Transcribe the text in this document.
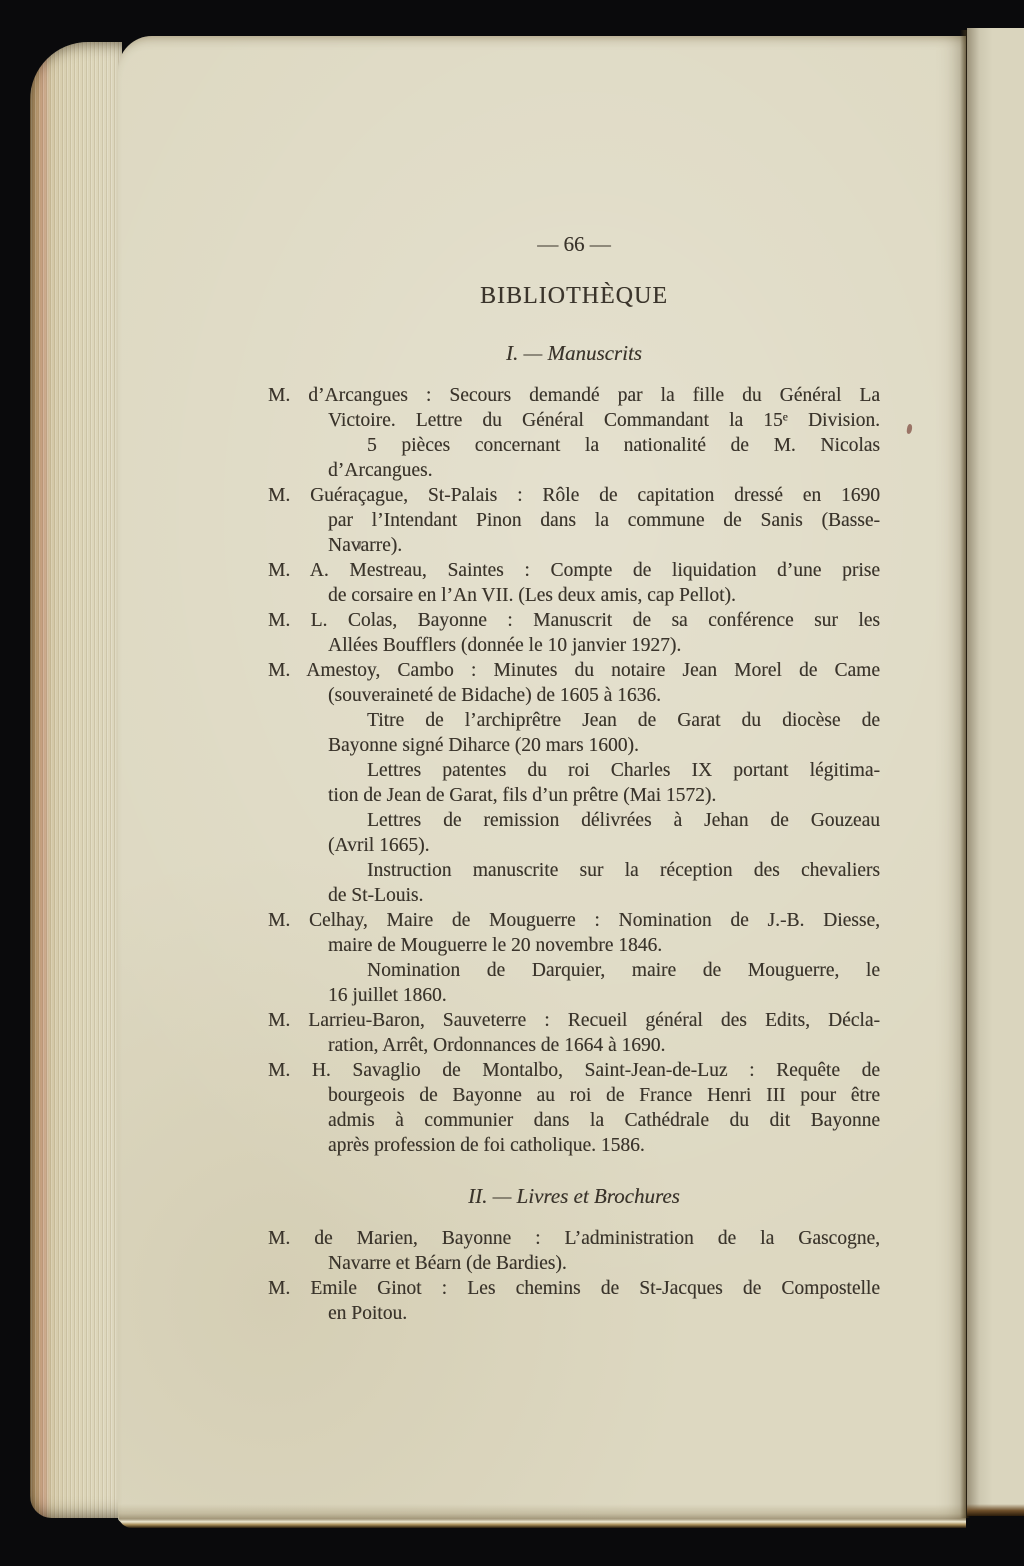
— 66 —
BIBLIOTHÈQUE
I. — Manuscrits
M. d’Arcangues : Secours demandé par la fille du Général La
Victoire. Lettre du Général Commandant la 15ᵉ Division.
5 pièces concernant la nationalité de M. Nicolas
d’Arcangues.
M. Guéraçague, St-Palais : Rôle de capitation dressé en 1690
par l’Intendant Pinon dans la commune de Sanis (Basse-
Navarre).
M. A. Mestreau, Saintes : Compte de liquidation d’une prise
de corsaire en l’An VII. (Les deux amis, cap Pellot).
M. L. Colas, Bayonne : Manuscrit de sa conférence sur les
Allées Boufflers (donnée le 10 janvier 1927).
M. Amestoy, Cambo : Minutes du notaire Jean Morel de Came
(souveraineté de Bidache) de 1605 à 1636.
Titre de l’archiprêtre Jean de Garat du diocèse de
Bayonne signé Diharce (20 mars 1600).
Lettres patentes du roi Charles IX portant légitima-
tion de Jean de Garat, fils d’un prêtre (Mai 1572).
Lettres de remission délivrées à Jehan de Gouzeau
(Avril 1665).
Instruction manuscrite sur la réception des chevaliers
de St-Louis.
M. Celhay, Maire de Mouguerre : Nomination de J.-B. Diesse,
maire de Mouguerre le 20 novembre 1846.
Nomination de Darquier, maire de Mouguerre, le
16 juillet 1860.
M. Larrieu-Baron, Sauveterre : Recueil général des Edits, Décla-
ration, Arrêt, Ordonnances de 1664 à 1690.
M. H. Savaglio de Montalbo, Saint-Jean-de-Luz : Requête de
bourgeois de Bayonne au roi de France Henri III pour être
admis à communier dans la Cathédrale du dit Bayonne
après profession de foi catholique. 1586.
II. — Livres et Brochures
M. de Marien, Bayonne : L’administration de la Gascogne,
Navarre et Béarn (de Bardies).
M. Emile Ginot : Les chemins de St-Jacques de Compostelle
en Poitou.
